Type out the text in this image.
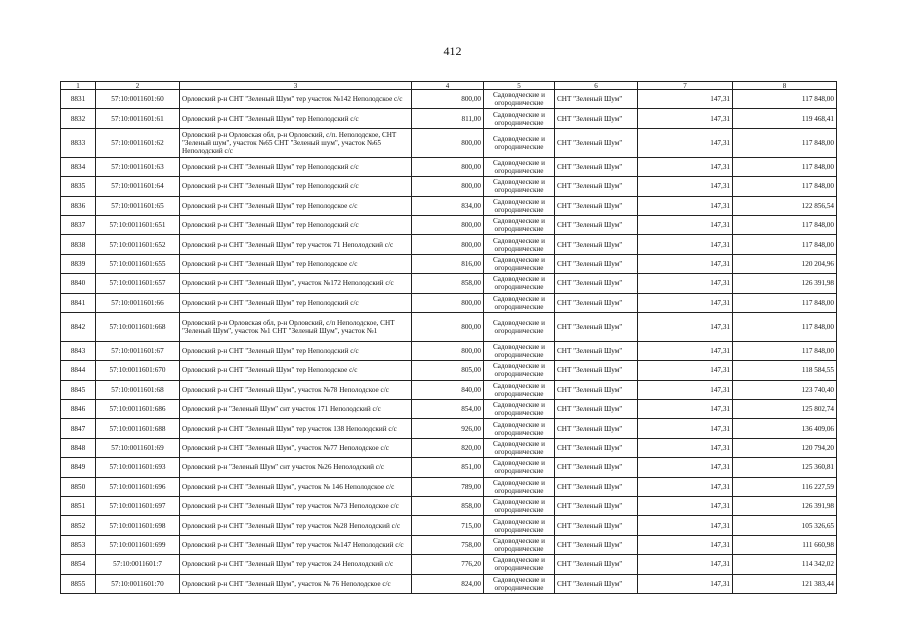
412
1	2	3	4	5	6	7	8
8831	57:10:0011601:60	Орловский р-н СНТ "Зеленый Шум" тер участок №142 Неполодское с/с	800,00	Садоводческие и огороднические	СНТ "Зеленый Шум"	147,31	117 848,00
8832	57:10:0011601:61	Орловский р-н СНТ "Зеленый Шум" тер Неполодский с/с	811,00	Садоводческие и огороднические	СНТ "Зеленый Шум"	147,31	119 468,41
8833	57:10:0011601:62	Орловский р-н Орловская обл, р-н Орловский, с/п. Неполодское, СНТ "Зеленый шум", участок №65 СНТ "Зеленый шум", участок №65 Неполодский с/с	800,00	Садоводческие и огороднические	СНТ "Зеленый Шум"	147,31	117 848,00
8834	57:10:0011601:63	Орловский р-н СНТ "Зеленый Шум" тер Неполодский с/с	800,00	Садоводческие и огороднические	СНТ "Зеленый Шум"	147,31	117 848,00
8835	57:10:0011601:64	Орловский р-н СНТ "Зеленый Шум" тер Неполодский с/с	800,00	Садоводческие и огороднические	СНТ "Зеленый Шум"	147,31	117 848,00
8836	57:10:0011601:65	Орловский р-н СНТ "Зеленый Шум" тер Неполодское с/с	834,00	Садоводческие и огороднические	СНТ "Зеленый Шум"	147,31	122 856,54
8837	57:10:0011601:651	Орловский р-н СНТ "Зеленый Шум" тер Неполодский с/с	800,00	Садоводческие и огороднические	СНТ "Зеленый Шум"	147,31	117 848,00
8838	57:10:0011601:652	Орловский р-н СНТ "Зеленый Шум" тер участок 71 Неполодский с/с	800,00	Садоводческие и огороднические	СНТ "Зеленый Шум"	147,31	117 848,00
8839	57:10:0011601:655	Орловский р-н СНТ "Зеленый Шум" тер Неполодское с/с	816,00	Садоводческие и огороднические	СНТ "Зеленый Шум"	147,31	120 204,96
8840	57:10:0011601:657	Орловский р-н СНТ "Зеленый Шум", участок №172 Неполодский с/с	858,00	Садоводческие и огороднические	СНТ "Зеленый Шум"	147,31	126 391,98
8841	57:10:0011601:66	Орловский р-н СНТ "Зеленый Шум" тер Неполодский с/с	800,00	Садоводческие и огороднические	СНТ "Зеленый Шум"	147,31	117 848,00
8842	57:10:0011601:668	Орловский р-н Орловская обл, р-н Орловский, с/п Неполодское, СНТ "Зеленый Шум", участок №1 СНТ "Зеленый Шум", участок №1	800,00	Садоводческие и огороднические	СНТ "Зеленый Шум"	147,31	117 848,00
8843	57:10:0011601:67	Орловский р-н СНТ "Зеленый Шум" тер Неполодский с/с	800,00	Садоводческие и огороднические	СНТ "Зеленый Шум"	147,31	117 848,00
8844	57:10:0011601:670	Орловский р-н СНТ "Зеленый Шум" тер Неполодское с/с	805,00	Садоводческие и огороднические	СНТ "Зеленый Шум"	147,31	118 584,55
8845	57:10:0011601:68	Орловский р-н СНТ "Зеленый Шум", участок №78 Неполодское с/с	840,00	Садоводческие и огороднические	СНТ "Зеленый Шум"	147,31	123 740,40
8846	57:10:0011601:686	Орловский р-н "Зеленый Шум" снт участок 171 Неполодский с/с	854,00	Садоводческие и огороднические	СНТ "Зеленый Шум"	147,31	125 802,74
8847	57:10:0011601:688	Орловский р-н СНТ "Зеленый Шум" тер участок 138 Неполодский с/с	926,00	Садоводческие и огороднические	СНТ "Зеленый Шум"	147,31	136 409,06
8848	57:10:0011601:69	Орловский р-н СНТ "Зеленый Шум", участок №77 Неполодское с/с	820,00	Садоводческие и огороднические	СНТ "Зеленый Шум"	147,31	120 794,20
8849	57:10:0011601:693	Орловский р-н "Зеленый Шум" снт участок №26 Неполодский с/с	851,00	Садоводческие и огороднические	СНТ "Зеленый Шум"	147,31	125 360,81
8850	57:10:0011601:696	Орловский р-н СНТ "Зеленый Шум", участок № 146 Неполодское с/с	789,00	Садоводческие и огороднические	СНТ "Зеленый Шум"	147,31	116 227,59
8851	57:10:0011601:697	Орловский р-н СНТ "Зеленый Шум" тер участок №73 Неполодское с/с	858,00	Садоводческие и огороднические	СНТ "Зеленый Шум"	147,31	126 391,98
8852	57:10:0011601:698	Орловский р-н СНТ "Зеленый Шум" тер участок №28 Неполодский с/с	715,00	Садоводческие и огороднические	СНТ "Зеленый Шум"	147,31	105 326,65
8853	57:10:0011601:699	Орловский р-н СНТ "Зеленый Шум" тер участок №147 Неполодский с/с	758,00	Садоводческие и огороднические	СНТ "Зеленый Шум"	147,31	111 660,98
8854	57:10:0011601:7	Орловский р-н СНТ "Зеленый Шум" тер участок 24 Неполодский с/с	776,20	Садоводческие и огороднические	СНТ "Зеленый Шум"	147,31	114 342,02
8855	57:10:0011601:70	Орловский р-н СНТ "Зеленый Шум", участок № 76 Неполодское с/с	824,00	Садоводческие и огороднические	СНТ "Зеленый Шум"	147,31	121 383,44
